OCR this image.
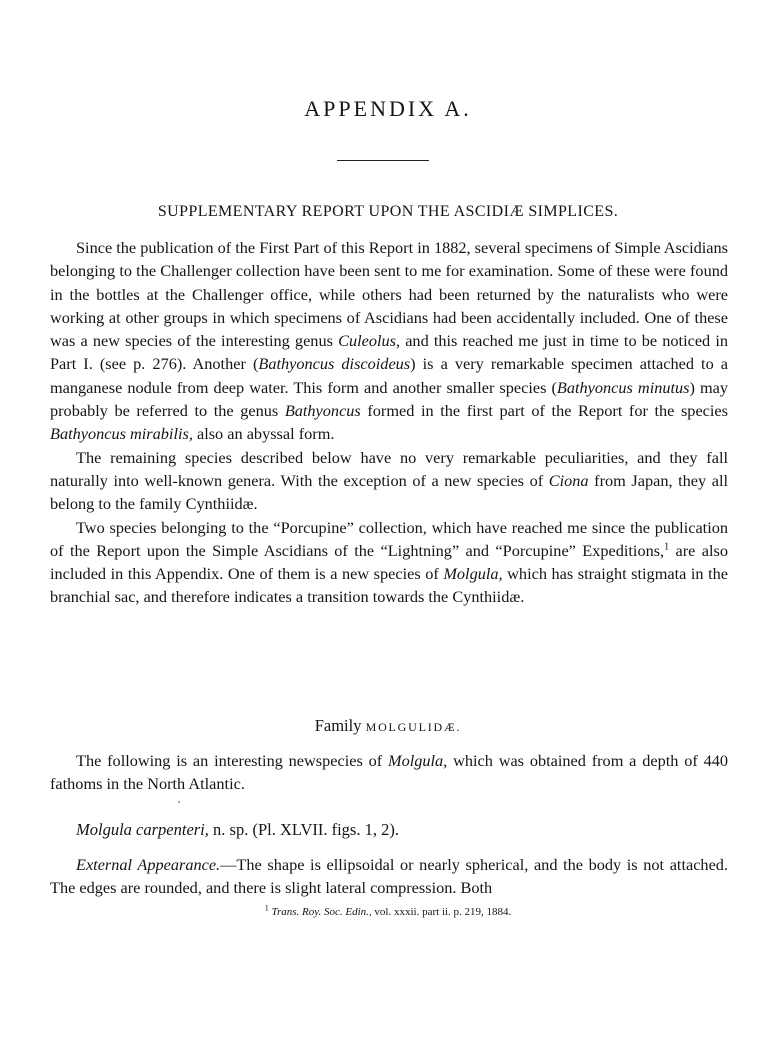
APPENDIX A.
SUPPLEMENTARY REPORT UPON THE ASCIDIÆ SIMPLICES.

Since the publication of the First Part of this Report in 1882, several specimens of Simple Ascidians belonging to the Challenger collection have been sent to me for examination. Some of these were found in the bottles at the Challenger office, while others had been returned by the naturalists who were working at other groups in which specimens of Ascidians had been accidentally included. One of these was a new species of the interesting genus Culeolus, and this reached me just in time to be noticed in Part I. (see p. 276). Another (Bathyoncus discoideus) is a very remarkable specimen attached to a manganese nodule from deep water. This form and another smaller species (Bathyoncus minutus) may probably be referred to the genus Bathyoncus formed in the first part of the Report for the species Bathyoncus mirabilis, also an abyssal form.

The remaining species described below have no very remarkable peculiarities, and they fall naturally into well-known genera. With the exception of a new species of Ciona from Japan, they all belong to the family Cynthiidæ.

Two species belonging to the “Porcupine” collection, which have reached me since the publication of the Report upon the Simple Ascidians of the “Lightning” and “Porcupine” Expeditions,$^1$ are also included in this Appendix. One of them is a new species of Molgula, which has straight stigmata in the branchial sac, and therefore indicates a transition towards the Cynthiidæ.

Family MOLGULIDÆ.

The following is an interesting newspecies of Molgula, which was obtained from a depth of 440 fathoms in the North Atlantic.

Molgula carpenteri, n. sp. (Pl. XLVII. figs. 1, 2).

External Appearance.—The shape is ellipsoidal or nearly spherical, and the body is not attached. The edges are rounded, and there is slight lateral compression. Both

$^1$ Trans. Roy. Soc. Edin., vol. xxxii. part ii. p. 219, 1884.
